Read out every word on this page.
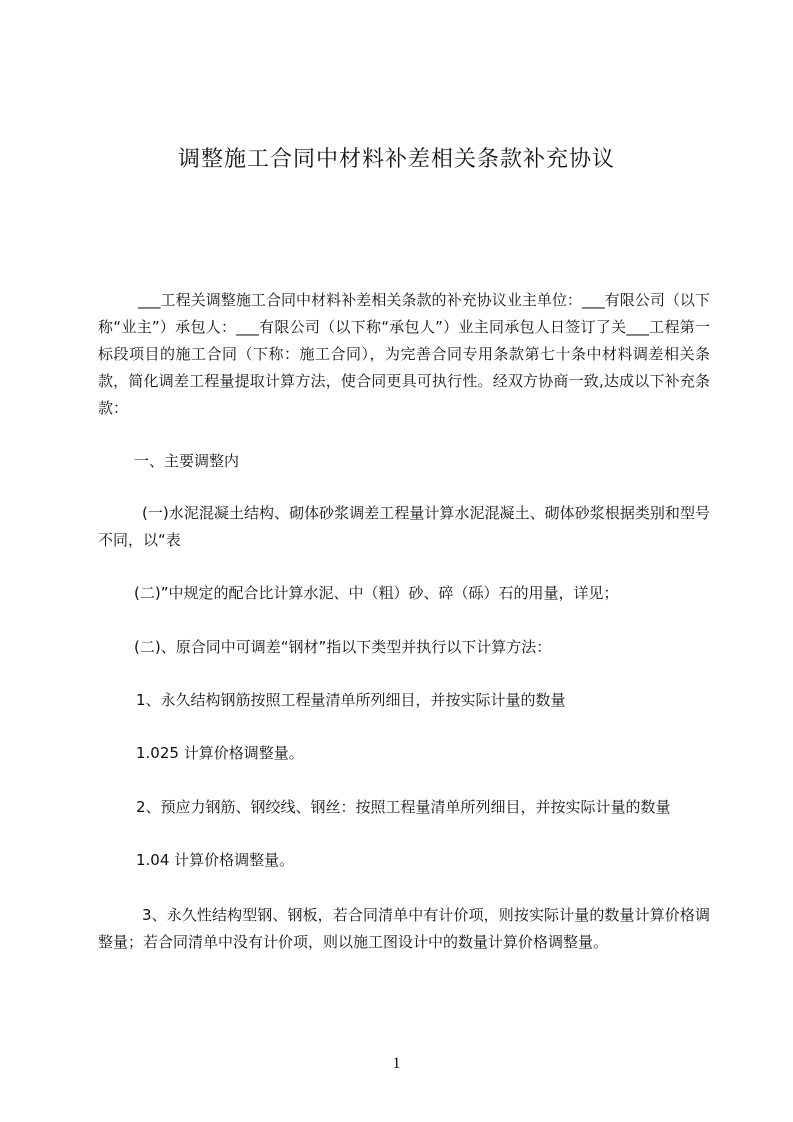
调整施工合同中材料补差相关条款补充协议
___工程关调整施工合同中材料补差相关条款的补充协议业主单位：___有限公司（以下称“业主”）承包人：___有限公司（以下称“承包人”）业主同承包人日签订了关___工程第一标段项目的施工合同（下称：施工合同），为完善合同专用条款第七十条中材料调差相关条款，简化调差工程量提取计算方法，使合同更具可执行性。经双方协商一致,达成以下补充条款：
一、主要调整内
(一)水泥混凝土结构、砌体砂浆调差工程量计算水泥混凝土、砌体砂浆根据类别和型号不同，以“表
(二)”中规定的配合比计算水泥、中（粗）砂、碎（砾）石的用量，详见；
(二)、原合同中可调差“钢材”指以下类型并执行以下计算方法：
1、永久结构钢筋按照工程量清单所列细目，并按实际计量的数量
1.025 计算价格调整量。
2、预应力钢筋、钢绞线、钢丝：按照工程量清单所列细目，并按实际计量的数量
1.04 计算价格调整量。
3、永久性结构型钢、钢板，若合同清单中有计价项，则按实际计量的数量计算价格调整量；若合同清单中没有计价项，则以施工图设计中的数量计算价格调整量。
1
